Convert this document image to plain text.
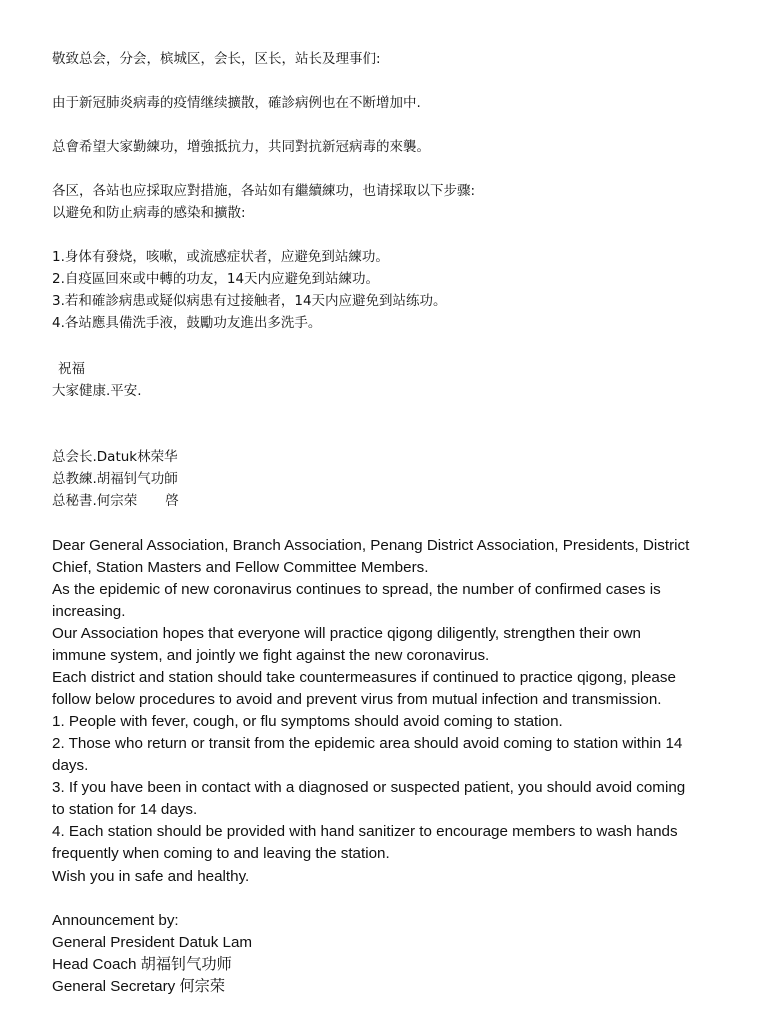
敬致总会，分会，槟城区，会长，区长，站长及理事们:

由于新冠肺炎病毒的疫情继续擴散，確診病例也在不断增加中.

总會希望大家勤練功，增強抵抗力，共同對抗新冠病毒的來襲。

各区，各站也应採取应對措施，各站如有繼續練功，也请採取以下步骤:

以避免和防止病毒的感染和擴散:

1.身体有發烧，咳嗽，或流感症状者，应避免到站練功。
2.自疫區回來或中轉的功友，14天内应避免到站練功。
3.若和確診病患或疑似病患有过接触者，14天内应避免到站练功。
4.各站應具備洗手液，鼓勵功友進出多洗手。

祝福

大家健康.平安.

总会长.Datuk林荣华
总教練.胡福钊气功師
总秘書.何宗荣 啓

Dear General Association, Branch Association, Penang District Association, Presidents, District

Chief, Station Masters and Fellow Committee Members.

As the epidemic of new coronavirus continues to spread, the number of confirmed cases is

increasing.

Our Association hopes that everyone will practice qigong diligently, strengthen their own

immune system, and jointly we fight against the new coronavirus.

Each district and station should take countermeasures if continued to practice qigong, please

follow below procedures to avoid and prevent virus from mutual infection and transmission.

1. People with fever, cough, or flu symptoms should avoid coming to station.

2. Those who return or transit from the epidemic area should avoid coming to station within 14

days.

3. If you have been in contact with a diagnosed or suspected patient, you should avoid coming

to station for 14 days.

4. Each station should be provided with hand sanitizer to encourage members to wash hands

frequently when coming to and leaving the station.

Wish you in safe and healthy.

Announcement by:

General President Datuk Lam

Head Coach 胡福钊气功师

General Secretary 何宗荣
